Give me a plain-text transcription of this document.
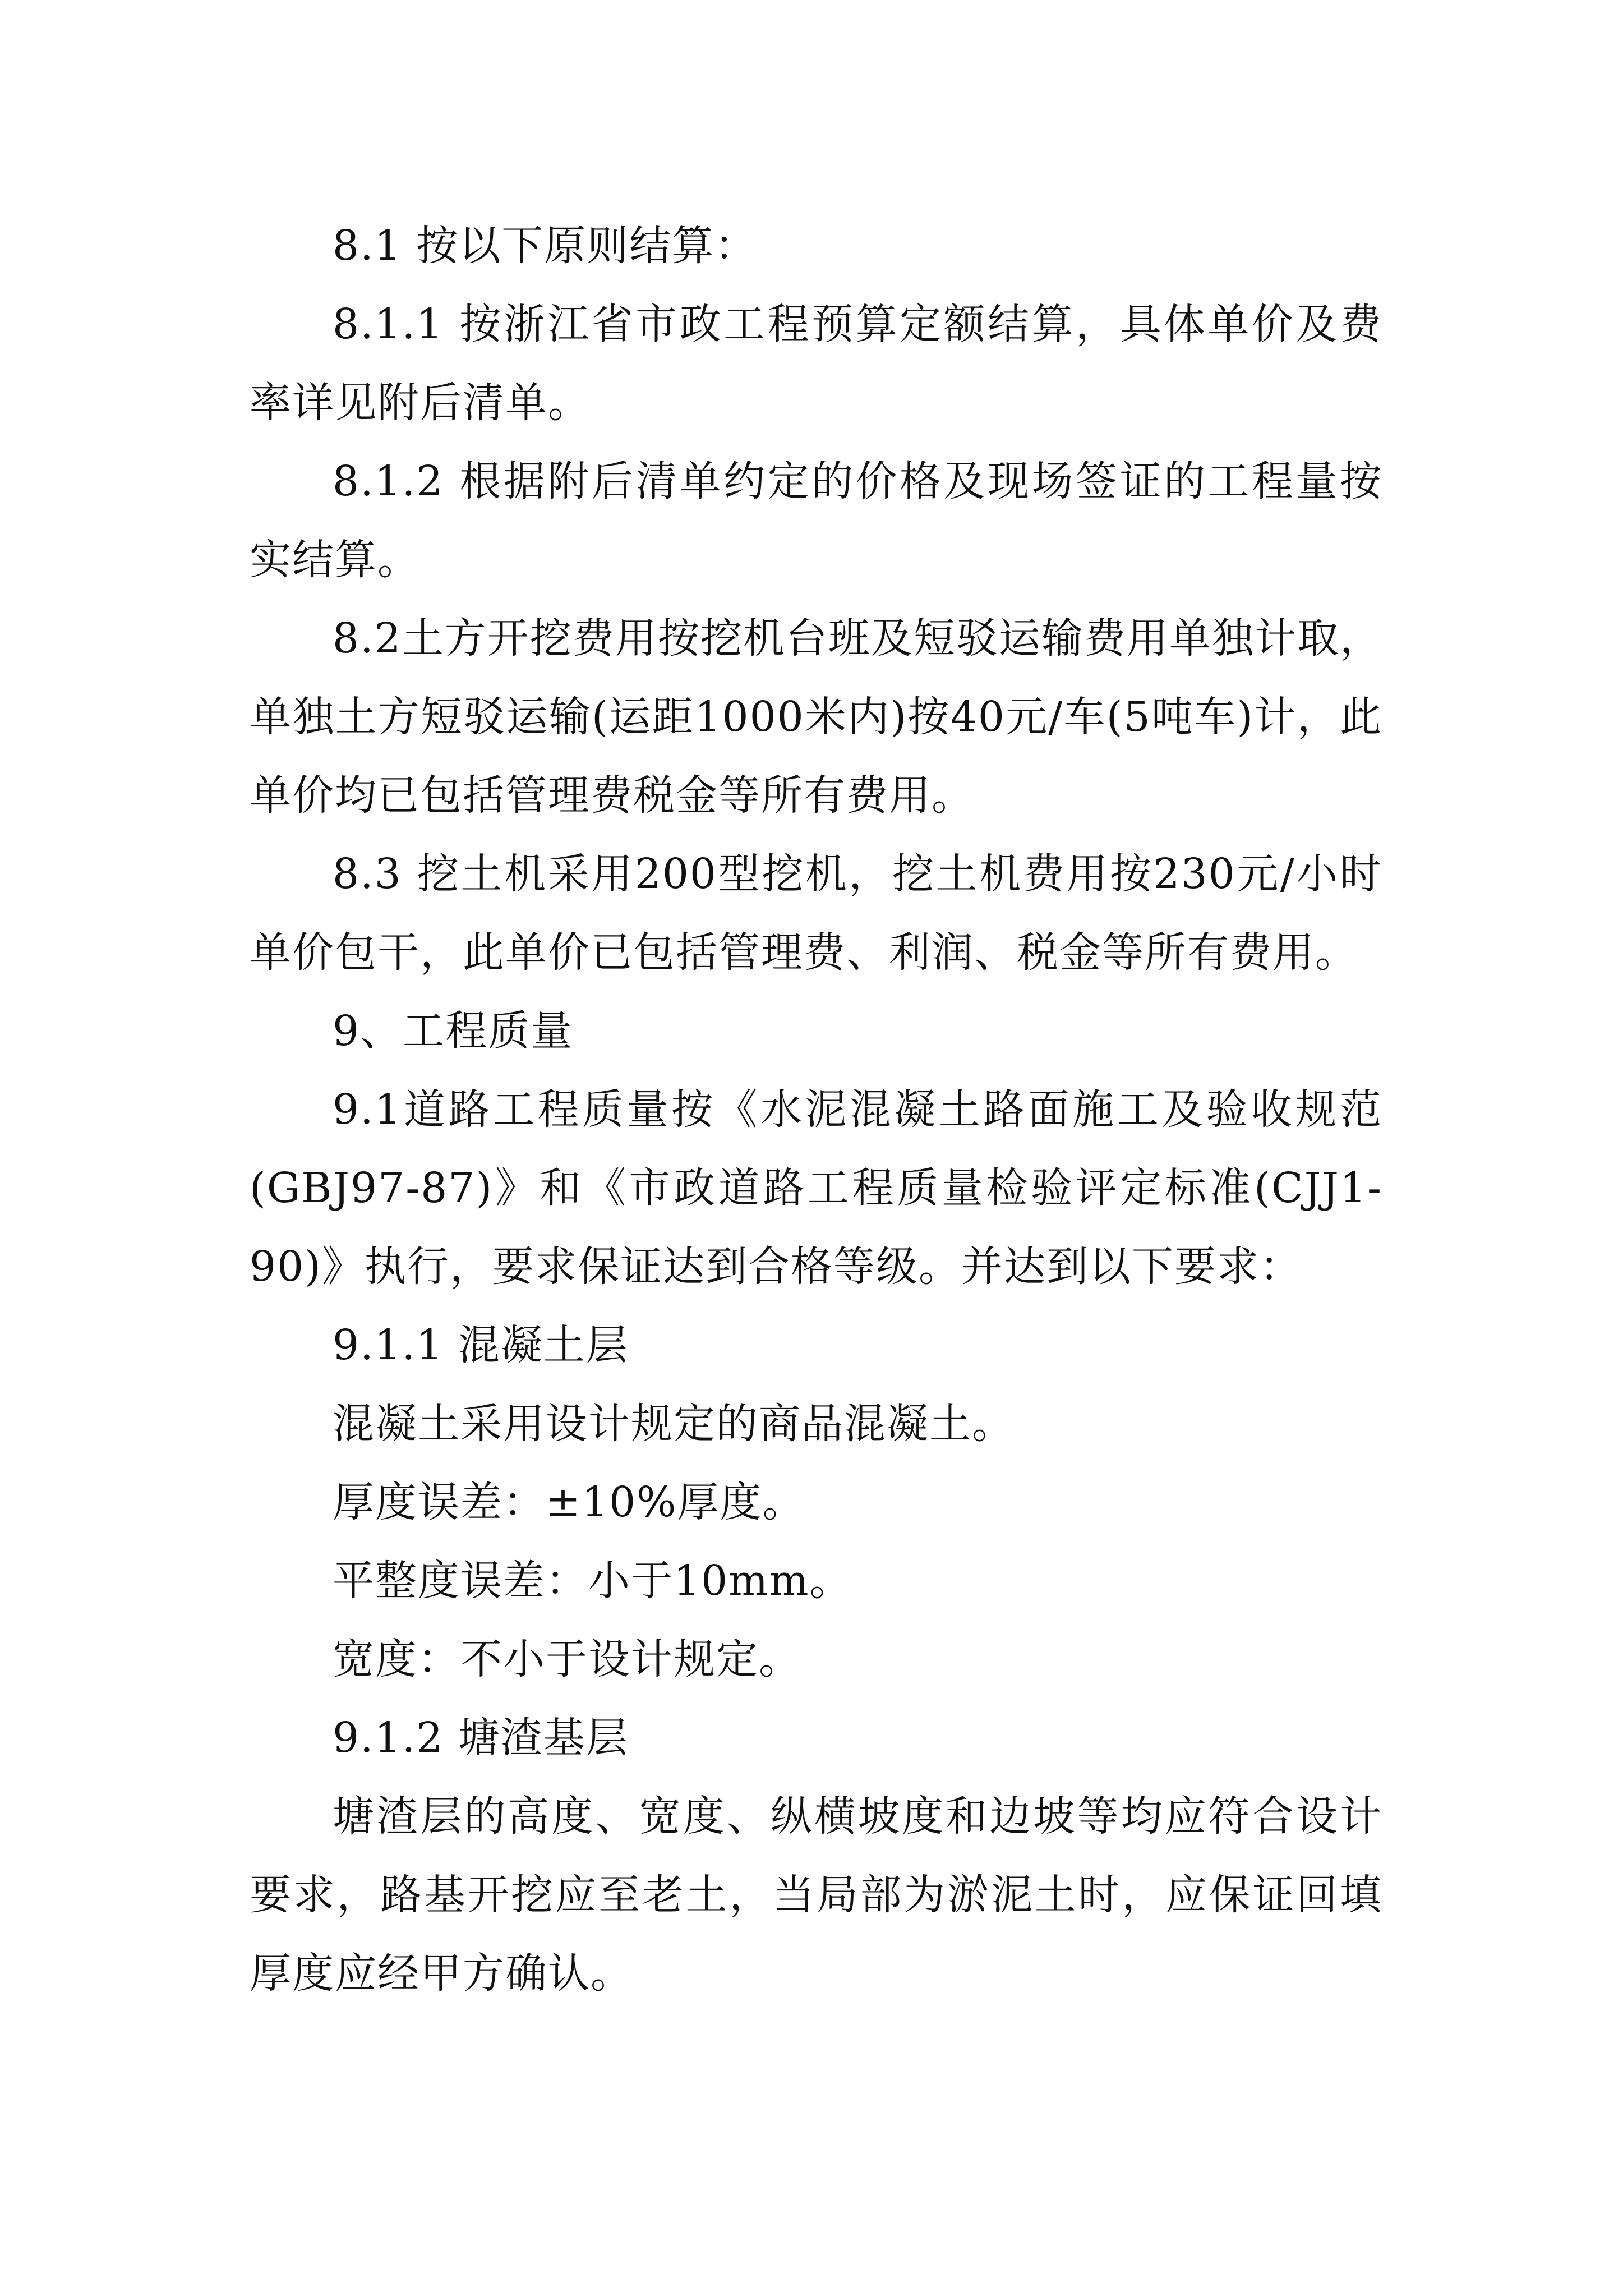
8.1 按以下原则结算：

8.1.1 按浙江省市政工程预算定额结算，具体单价及费率详见附后清单。

8.1.2 根据附后清单约定的价格及现场签证的工程量按实结算。

8.2土方开挖费用按挖机台班及短驳运输费用单独计取，单独土方短驳运输(运距1000米内)按40元/车(5吨车)计，此单价均已包括管理费税金等所有费用。

8.3 挖土机采用200型挖机，挖土机费用按230元/小时单价包干，此单价已包括管理费、利润、税金等所有费用。

9、工程质量

9.1道路工程质量按《水泥混凝土路面施工及验收规范(GBJ97-87)》和《市政道路工程质量检验评定标准(CJJ1-90)》执行，要求保证达到合格等级。并达到以下要求：

9.1.1 混凝土层

混凝土采用设计规定的商品混凝土。

厚度误差：±10%厚度。

平整度误差：小于10mm。

宽度：不小于设计规定。

9.1.2 塘渣基层

塘渣层的高度、宽度、纵横坡度和边坡等均应符合设计要求，路基开挖应至老土，当局部为淤泥土时，应保证回填厚度应经甲方确认。
